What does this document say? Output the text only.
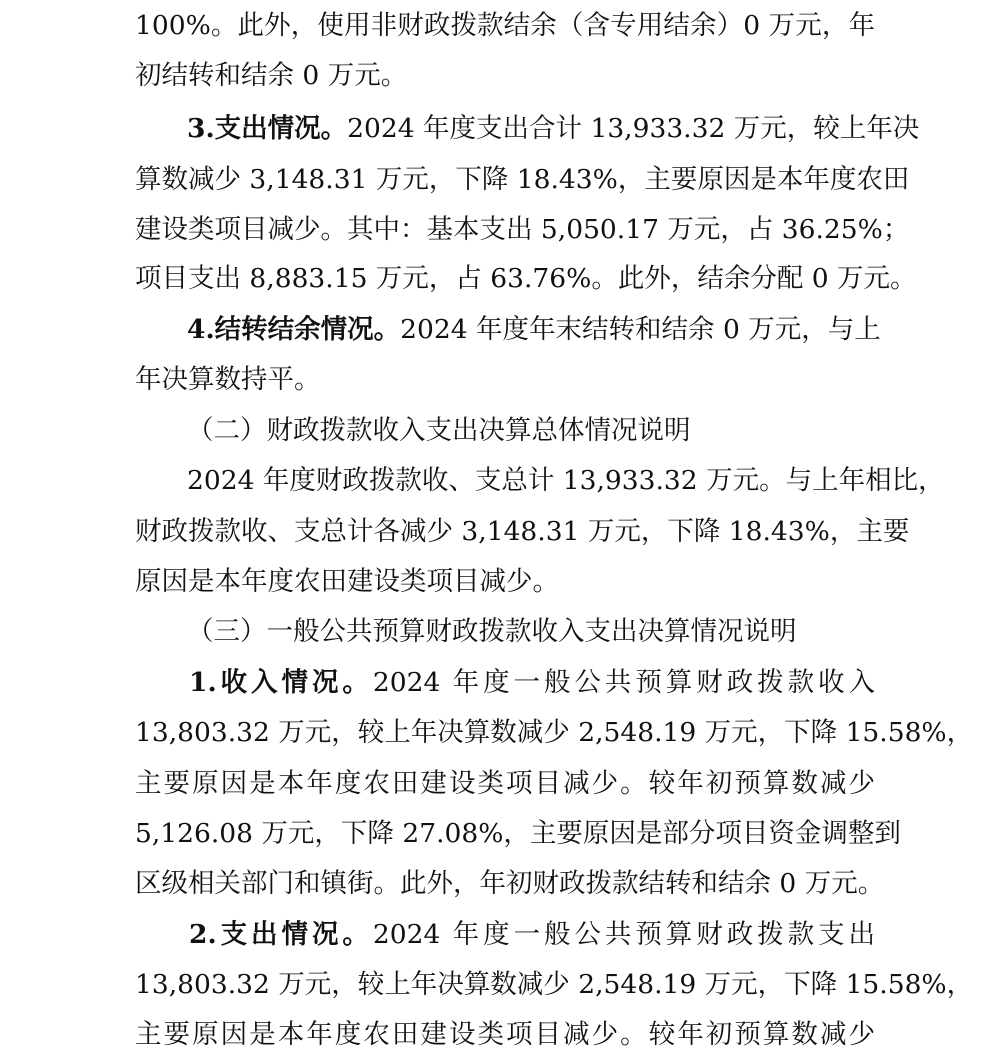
100%。此外，使用非财政拨款结余（含专用结余）0 万元，年

初结转和结余 0 万元。

3.支出情况。2024 年度支出合计 13,933.32 万元，较上年决

算数减少 3,148.31 万元，下降 18.43%，主要原因是本年度农田

建设类项目减少。其中：基本支出 5,050.17 万元，占 36.25%；

项目支出 8,883.15 万元，占 63.76%。此外，结余分配 0 万元。

4.结转结余情况。2024 年度年末结转和结余 0 万元，与上

年决算数持平。

（二）财政拨款收入支出决算总体情况说明

2024 年度财政拨款收、支总计 13,933.32 万元。与上年相比，

财政拨款收、支总计各减少 3,148.31 万元，下降 18.43%，主要

原因是本年度农田建设类项目减少。

（三）一般公共预算财政拨款收入支出决算情况说明

1.收入情况。2024 年度一般公共预算财政拨款收入

13,803.32 万元，较上年决算数减少 2,548.19 万元，下降 15.58%，

主要原因是本年度农田建设类项目减少。较年初预算数减少

5,126.08 万元，下降 27.08%，主要原因是部分项目资金调整到

区级相关部门和镇街。此外，年初财政拨款结转和结余 0 万元。

2.支出情况。2024 年度一般公共预算财政拨款支出

13,803.32 万元，较上年决算数减少 2,548.19 万元，下降 15.58%，

主要原因是本年度农田建设类项目减少。较年初预算数减少
